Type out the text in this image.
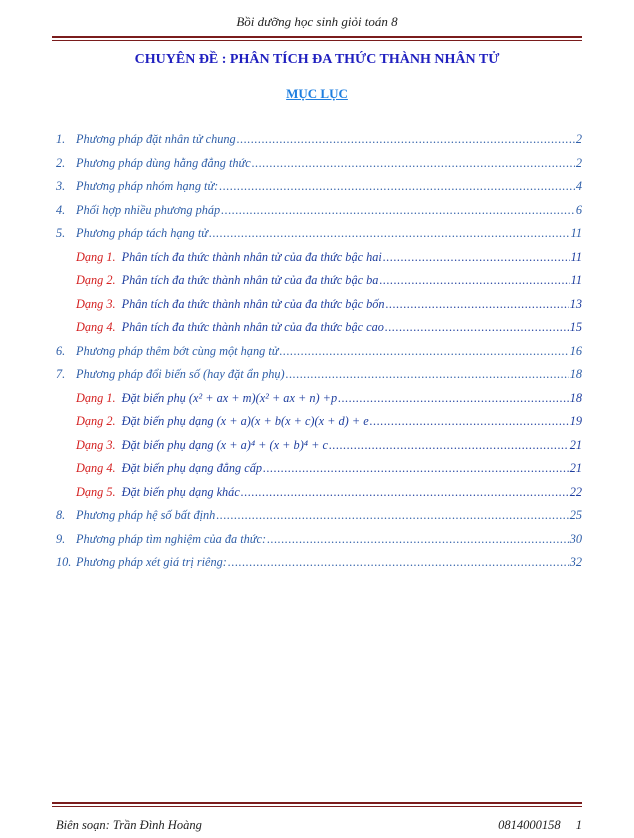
Bồi dưỡng học sinh giỏi toán 8
CHUYÊN ĐỀ : PHÂN TÍCH ĐA THỨC THÀNH NHÂN TỬ
MỤC LỤC
1. Phương pháp đặt nhân tử chung .....	2
2. Phương pháp dùng hằng đẳng thức .....	2
3. Phương pháp nhóm hạng tử: .....	4
4. Phối hợp nhiều phương pháp .....	6
5. Phương pháp tách hạng tử .....	11
Dạng 1. Phân tích đa thức thành nhân tử của đa thức bậc hai .....	11
Dạng 2. Phân tích đa thức thành nhân tử của đa thức bậc ba .....	11
Dạng 3. Phân tích đa thức thành nhân tử của đa thức bậc bốn .....	13
Dạng 4. Phân tích đa thức thành nhân tử của đa thức bậc cao .....	15
6. Phương pháp thêm bớt cùng một hạng tử .....	16
7. Phương pháp đổi biến số (hay đặt ẩn phụ) .....	18
Dạng 1. Đặt biến phụ (x² + ax + m)(x² + ax + n) +p .....	18
Dạng 2. Đặt biến phụ dạng (x + a)(x + b(x + c)(x + d) + e .....	19
Dạng 3. Đặt biến phụ dạng (x + a)⁴ + (x + b)⁴ + c .....	21
Dạng 4. Đặt biến phụ dạng đẳng cấp .....	21
Dạng 5. Đặt biến phụ dạng khác .....	22
8. Phương pháp hệ số bất định .....	25
9. Phương pháp tìm nghiệm của đa thức: .....	30
10. Phương pháp xét giá trị riêng: .....	32
Biên soạn: Trần Đình Hoàng	0814000158 1
